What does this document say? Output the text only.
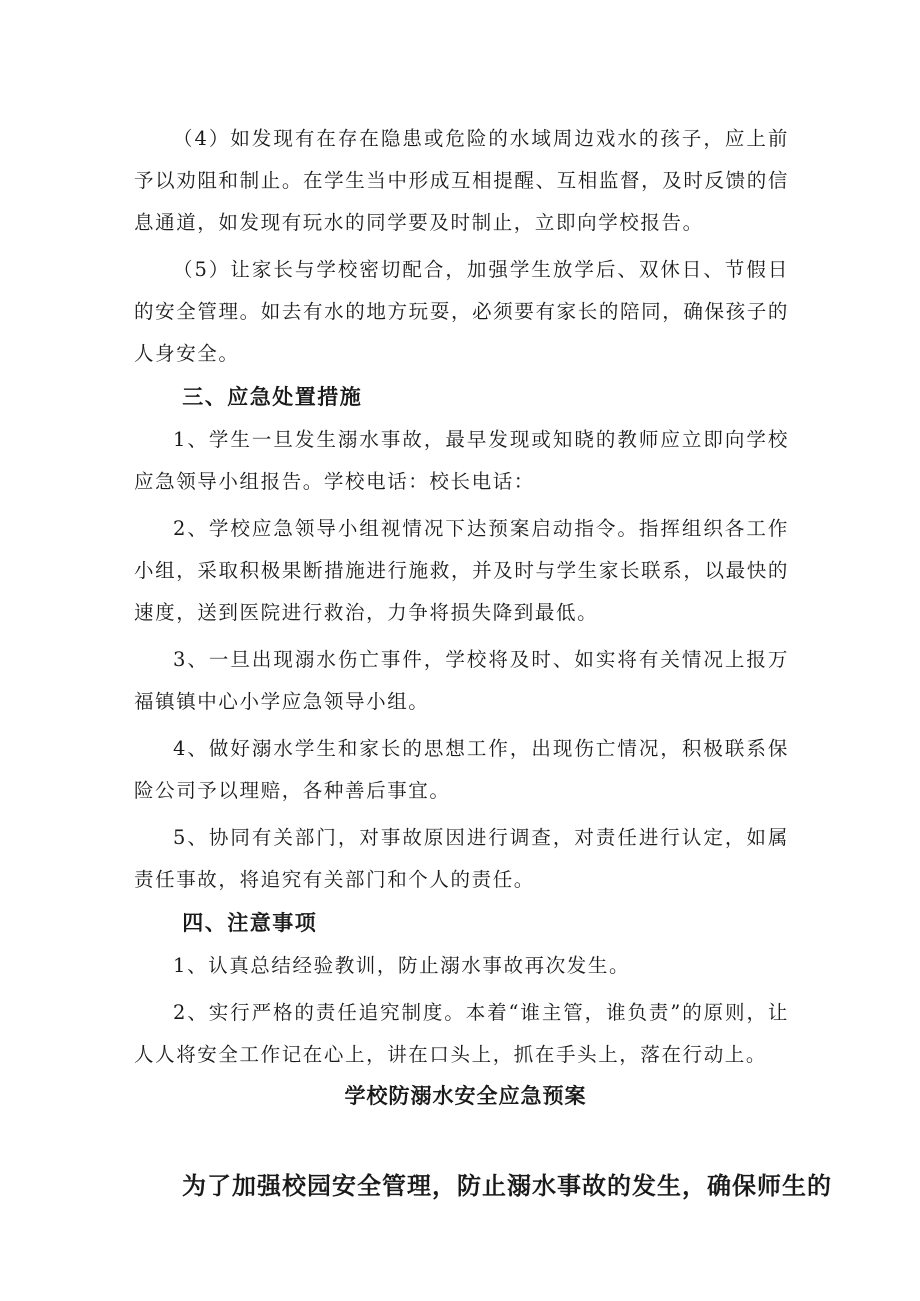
（4）如发现有在存在隐患或危险的水域周边戏水的孩子，应上前予以劝阻和制止。在学生当中形成互相提醒、互相监督，及时反馈的信息通道，如发现有玩水的同学要及时制止，立即向学校报告。

（5）让家长与学校密切配合，加强学生放学后、双休日、节假日的安全管理。如去有水的地方玩耍，必须要有家长的陪同，确保孩子的人身安全。

三、应急处置措施

1、学生一旦发生溺水事故，最早发现或知晓的教师应立即向学校应急领导小组报告。学校电话：校长电话：

2、学校应急领导小组视情况下达预案启动指令。指挥组织各工作小组，采取积极果断措施进行施救，并及时与学生家长联系，以最快的速度，送到医院进行救治，力争将损失降到最低。

3、一旦出现溺水伤亡事件，学校将及时、如实将有关情况上报万福镇镇中心小学应急领导小组。

4、做好溺水学生和家长的思想工作，出现伤亡情况，积极联系保险公司予以理赔，各种善后事宜。

5、协同有关部门，对事故原因进行调查，对责任进行认定，如属责任事故，将追究有关部门和个人的责任。

四、注意事项

1、认真总结经验教训，防止溺水事故再次发生。

2、实行严格的责任追究制度。本着“谁主管，谁负责”的原则，让人人将安全工作记在心上，讲在口头上，抓在手头上，落在行动上。

学校防溺水安全应急预案

为了加强校园安全管理，防止溺水事故的发生，确保师生的
